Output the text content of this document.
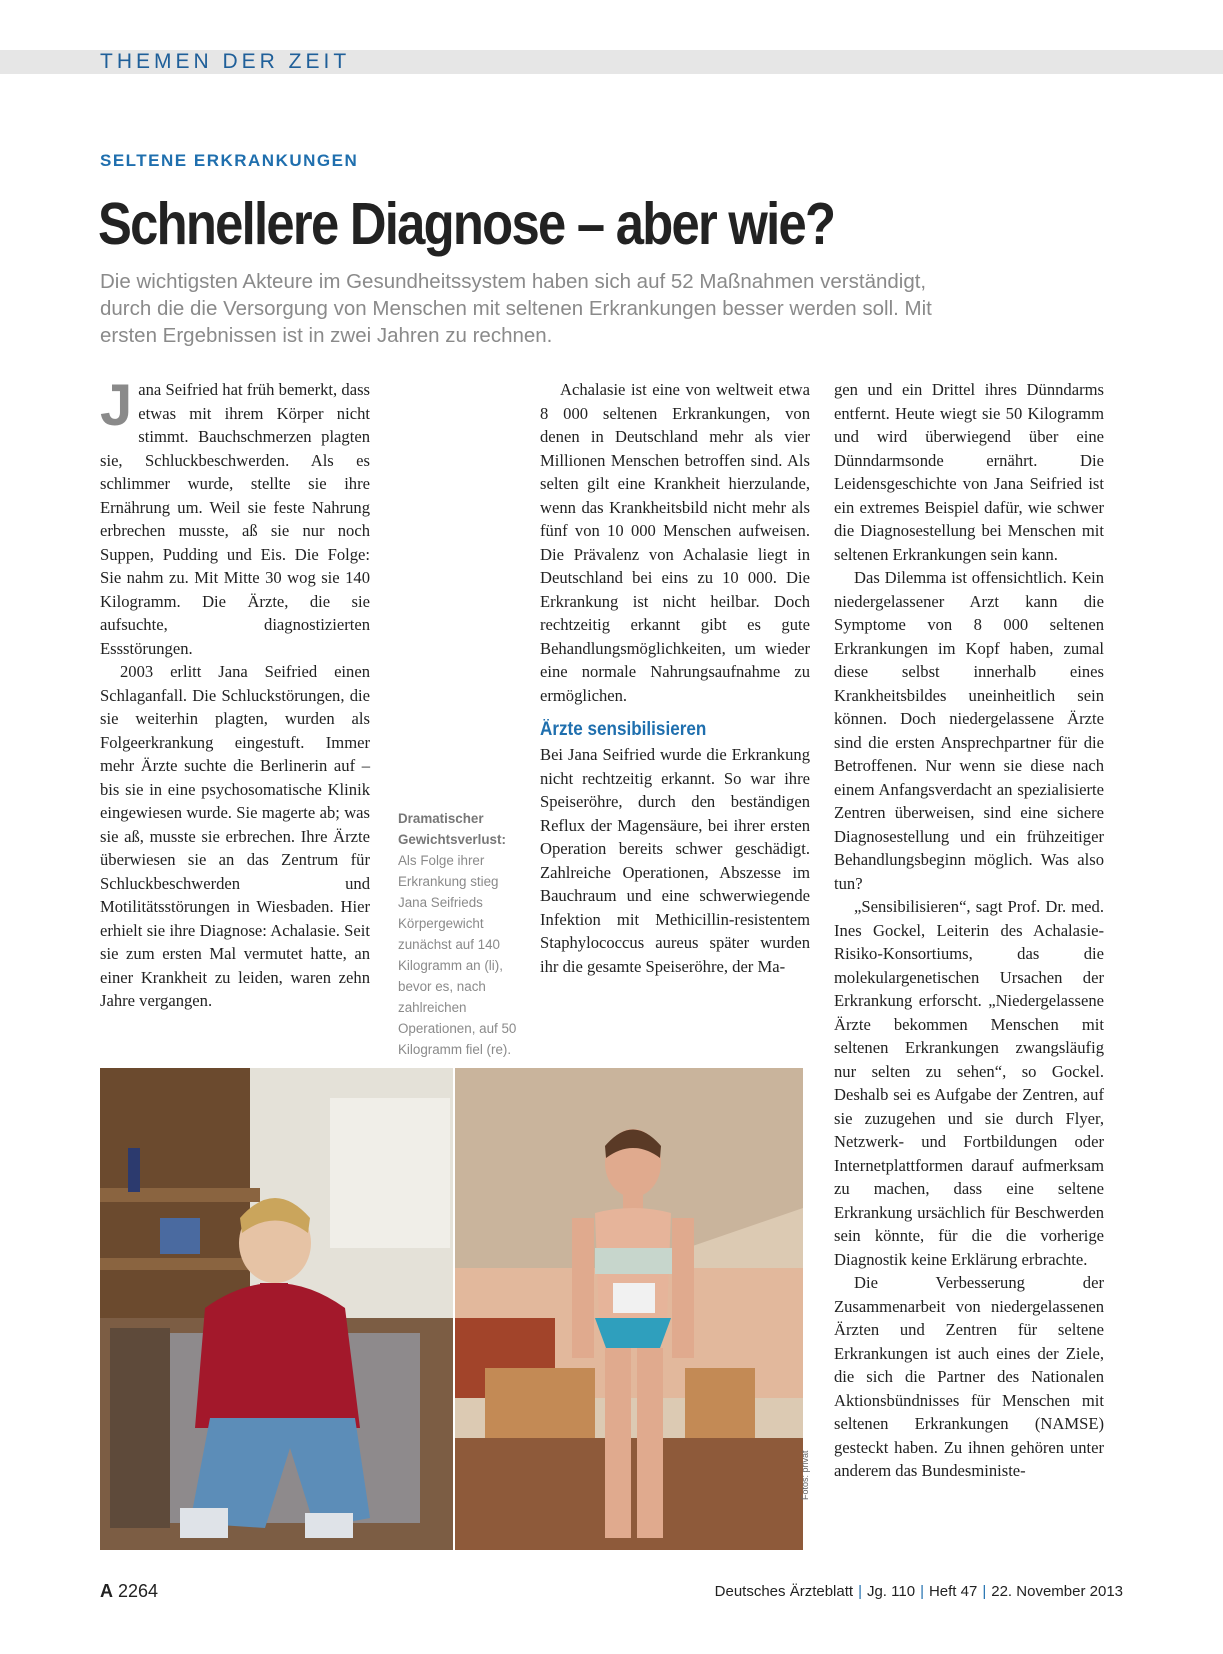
THEMEN DER ZEIT
SELTENE ERKRANKUNGEN
Schnellere Diagnose – aber wie?
Die wichtigsten Akteure im Gesundheitssystem haben sich auf 52 Maßnahmen verständigt, durch die die Versorgung von Menschen mit seltenen Erkrankungen besser werden soll. Mit ersten Ergebnissen ist in zwei Jahren zu rechnen.

Jana Seifried hat früh bemerkt, dass etwas mit ihrem Körper nicht stimmt. Bauchschmerzen plagten sie, Schluckbeschwerden. Als es schlimmer wurde, stellte sie ihre Ernährung um. Weil sie feste Nahrung erbrechen musste, aß sie nur noch Suppen, Pudding und Eis. Die Folge: Sie nahm zu. Mit Mitte 30 wog sie 140 Kilogramm. Die Ärzte, die sie aufsuchte, diagnostizierten Essstörungen.

2003 erlitt Jana Seifried einen Schlaganfall. Die Schluckstörungen, die sie weiterhin plagten, wurden als Folgeerkrankung eingestuft. Immer mehr Ärzte suchte die Berlinerin auf – bis sie in eine psychosomatische Klinik eingewiesen wurde. Sie magerte ab; was sie aß, musste sie erbrechen. Ihre Ärzte überwiesen sie an das Zentrum für Schluckbeschwerden und Motilitätsstörungen in Wiesbaden. Hier erhielt sie ihre Diagnose: Achalasie. Seit sie zum ersten Mal vermutet hatte, an einer Krankheit zu leiden, waren zehn Jahre vergangen.

Dramatischer Gewichtsverlust:
Als Folge ihrer Erkrankung stieg Jana Seifrieds Körpergewicht zunächst auf 140 Kilogramm an (li), bevor es, nach zahlreichen Operationen, auf 50 Kilogramm fiel (re).

Achalasie ist eine von weltweit etwa 8 000 seltenen Erkrankungen, von denen in Deutschland mehr als vier Millionen Menschen betroffen sind. Als selten gilt eine Krankheit hierzulande, wenn das Krankheitsbild nicht mehr als fünf von 10 000 Menschen aufweisen. Die Prävalenz von Achalasie liegt in Deutschland bei eins zu 10 000. Die Erkrankung ist nicht heilbar. Doch rechtzeitig erkannt gibt es gute Behandlungsmöglichkeiten, um wieder eine normale Nahrungsaufnahme zu ermöglichen.

Ärzte sensibilisieren

Bei Jana Seifried wurde die Erkrankung nicht rechtzeitig erkannt. So war ihre Speiseröhre, durch den beständigen Reflux der Magensäure, bei ihrer ersten Operation bereits schwer geschädigt. Zahlreiche Operationen, Abszesse im Bauchraum und eine schwerwiegende Infektion mit Methicillin-resistentem Staphylococcus aureus später wurden ihr die gesamte Speiseröhre, der Ma-

gen und ein Drittel ihres Dünndarms entfernt. Heute wiegt sie 50 Kilogramm und wird überwiegend über eine Dünndarmsonde ernährt. Die Leidensgeschichte von Jana Seifried ist ein extremes Beispiel dafür, wie schwer die Diagnosestellung bei Menschen mit seltenen Erkrankungen sein kann.

Das Dilemma ist offensichtlich. Kein niedergelassener Arzt kann die Symptome von 8 000 seltenen Erkrankungen im Kopf haben, zumal diese selbst innerhalb eines Krankheitsbildes uneinheitlich sein können. Doch niedergelassene Ärzte sind die ersten Ansprechpartner für die Betroffenen. Nur wenn sie diese nach einem Anfangsverdacht an spezialisierte Zentren überweisen, sind eine sichere Diagnosestellung und ein frühzeitiger Behandlungsbeginn möglich. Was also tun?

„Sensibilisieren“, sagt Prof. Dr. med. Ines Gockel, Leiterin des Achalasie-Risiko-Konsortiums, das die molekulargenetischen Ursachen der Erkrankung erforscht. „Niedergelassene Ärzte bekommen Menschen mit seltenen Erkrankungen zwangsläufig nur selten zu sehen“, so Gockel. Deshalb sei es Aufgabe der Zentren, auf sie zuzugehen und sie durch Flyer, Netzwerk- und Fortbildungen oder Internetplattformen darauf aufmerksam zu machen, dass eine seltene Erkrankung ursächlich für Beschwerden sein könnte, für die die vorherige Diagnostik keine Erklärung erbrachte.

Die Verbesserung der Zusammenarbeit von niedergelassenen Ärzten und Zentren für seltene Erkrankungen ist auch eines der Ziele, die sich die Partner des Nationalen Aktionsbündnisses für Menschen mit seltenen Erkrankungen (NAMSE) gesteckt haben. Zu ihnen gehören unter anderem das Bundesministe-

Fotos: privat
A 2264	Deutsches Ärzteblatt | Jg. 110 | Heft 47 | 22. November 2013
